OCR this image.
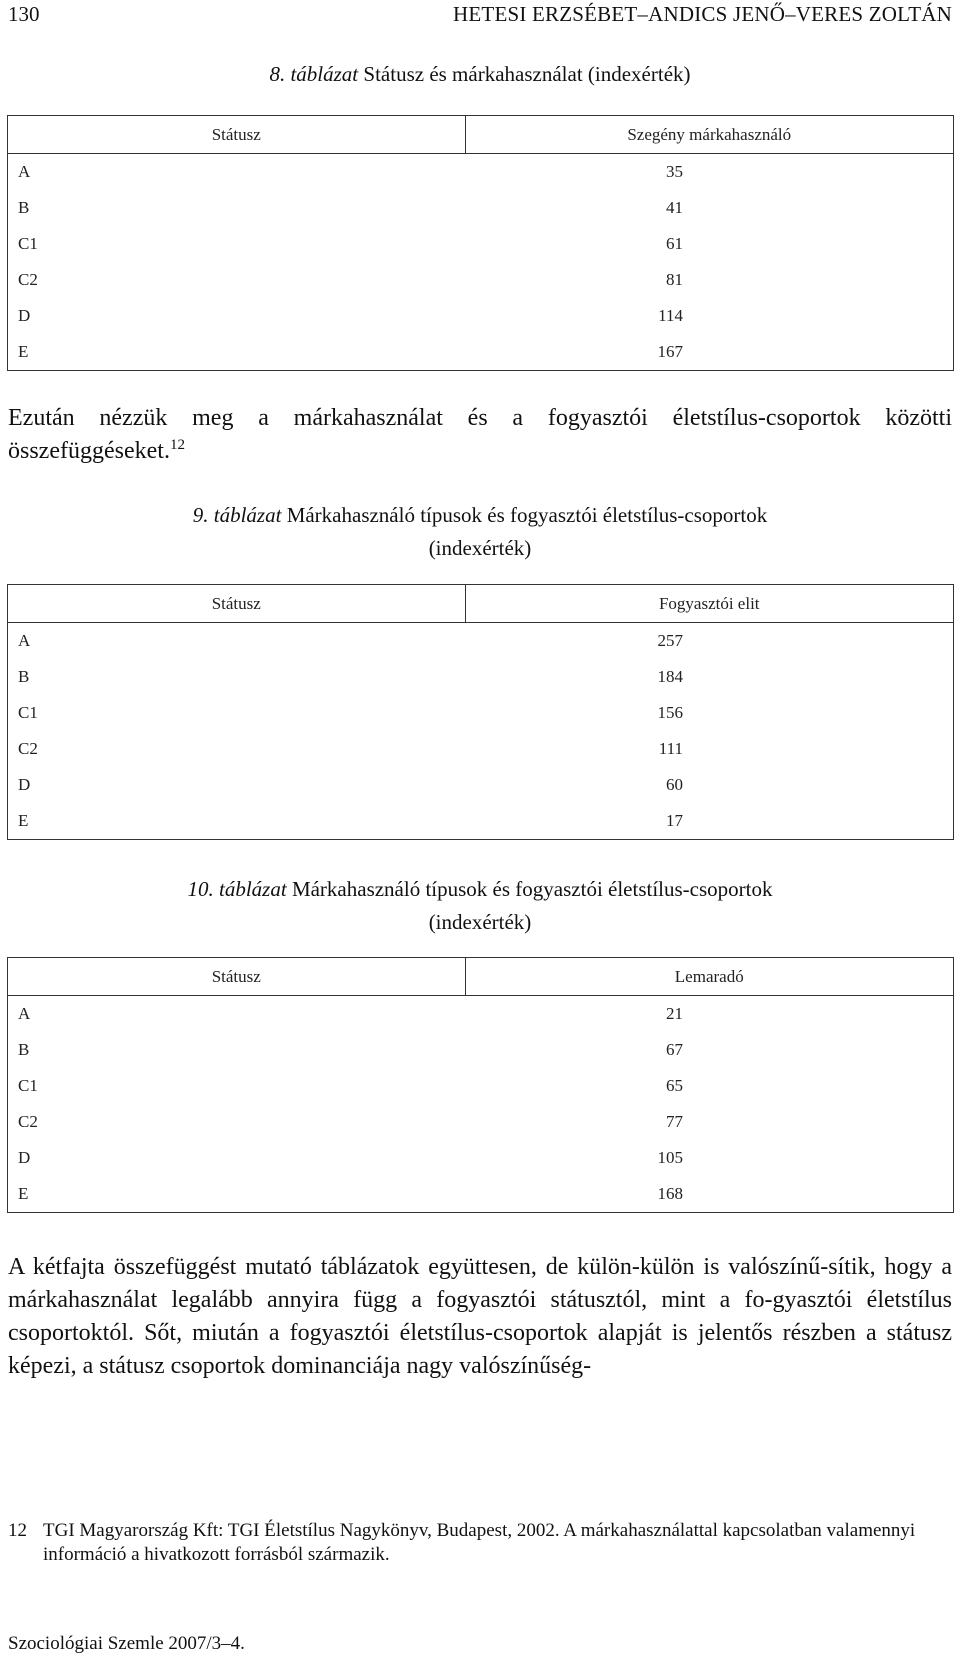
130	HETESI ERZSÉBET–ANDICS JENŐ–VERES ZOLTÁN
8. táblázat Státusz és márkahasználat (indexérték)
Státusz	Szegény márkahasználó
A	35
B	41
C1	61
C2	81
D	114
E	167
Ezután nézzük meg a márkahasználat és a fogyasztói életstílus-csoportok közötti összefüggéseket.$^{12}$
9. táblázat Márkahasználó típusok és fogyasztói életstílus-csoportok
(indexérték)
Státusz	Fogyasztói elit
A	257
B	184
C1	156
C2	111
D	60
E	17
10. táblázat Márkahasználó típusok és fogyasztói életstílus-csoportok
(indexérték)
Státusz	Lemaradó
A	21
B	67
C1	65
C2	77
D	105
E	168
A kétfajta összefüggést mutató táblázatok együttesen, de külön-külön is valószínű-sítik, hogy a márkahasználat legalább annyira függ a fogyasztói státusztól, mint a fo-gyasztói életstílus csoportoktól. Sőt, miután a fogyasztói életstílus-csoportok alapját is jelentős részben a státusz képezi, a státusz csoportok dominanciája nagy valószínűség-
12 TGI Magyarország Kft: TGI Életstílus Nagykönyv, Budapest, 2002. A márkahasználattal kapcsolatban valamennyi információ a hivatkozott forrásból származik.
Szociológiai Szemle 2007/3–4.
